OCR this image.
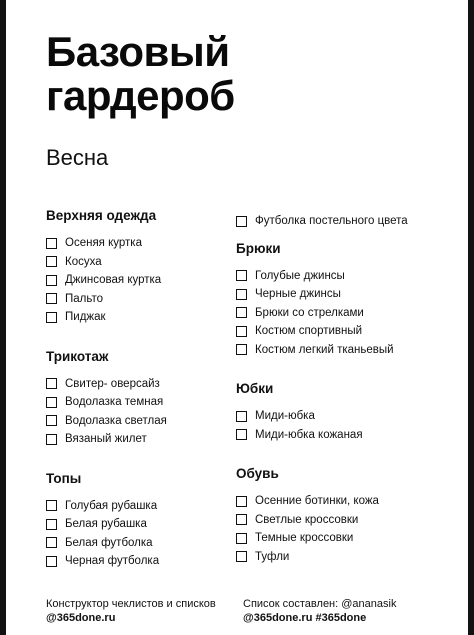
Базовый
гардероб
Весна
Верхняя одежда
Осеняя куртка
Косуха
Джинсовая куртка
Пальто
Пиджак
Трикотаж
Свитер- оверсайз
Водолазка темная
Водолазка светлая
Вязаный жилет
Топы
Голубая рубашка
Белая рубашка
Белая футболка
Черная футболка
Футболка постельного цвета
Брюки
Голубые джинсы
Черные джинсы
Брюки со стрелками
Костюм спортивный
Костюм легкий тканьевый
Юбки
Миди-юбка
Миди-юбка кожаная
Обувь
Осенние ботинки, кожа
Светлые кроссовки
Темные кроссовки
Туфли
Конструктор чеклистов и списков
@365done.ru
Список составлен: @ananasik
@365done.ru #365done
